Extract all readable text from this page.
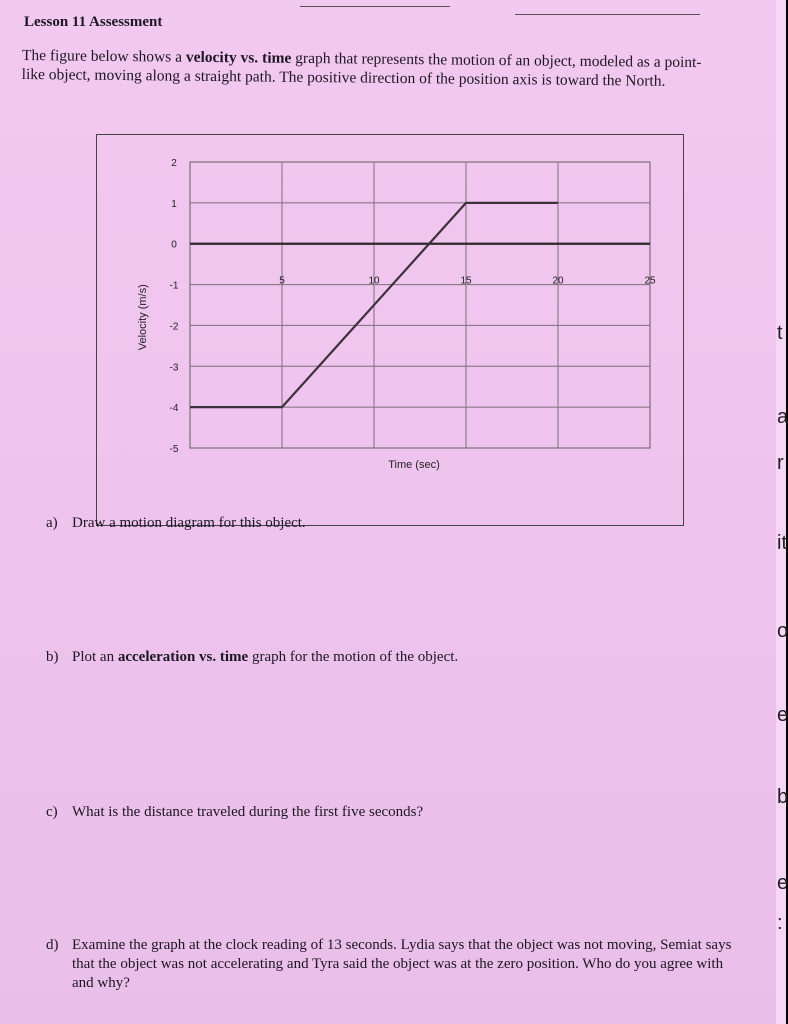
Lesson 11 Assessment
The figure below shows a velocity vs. time graph that represents the motion of an object, modeled as a point-like object, moving along a straight path. The positive direction of the position axis is toward the North.
2
1
0
-1
-2
-3
-4
-5
5	10	15	20	25
Time (sec)
Velocity (m/s)
a) Draw a motion diagram for this object.
b) Plot an acceleration vs. time graph for the motion of the object.
c) What is the distance traveled during the first five seconds?
d) Examine the graph at the clock reading of 13 seconds. Lydia says that the object was not moving, Semiat says that the object was not accelerating and Tyra said the object was at the zero position. Who do you agree with and why?
t
a
r
it
o
e
b
e
:
